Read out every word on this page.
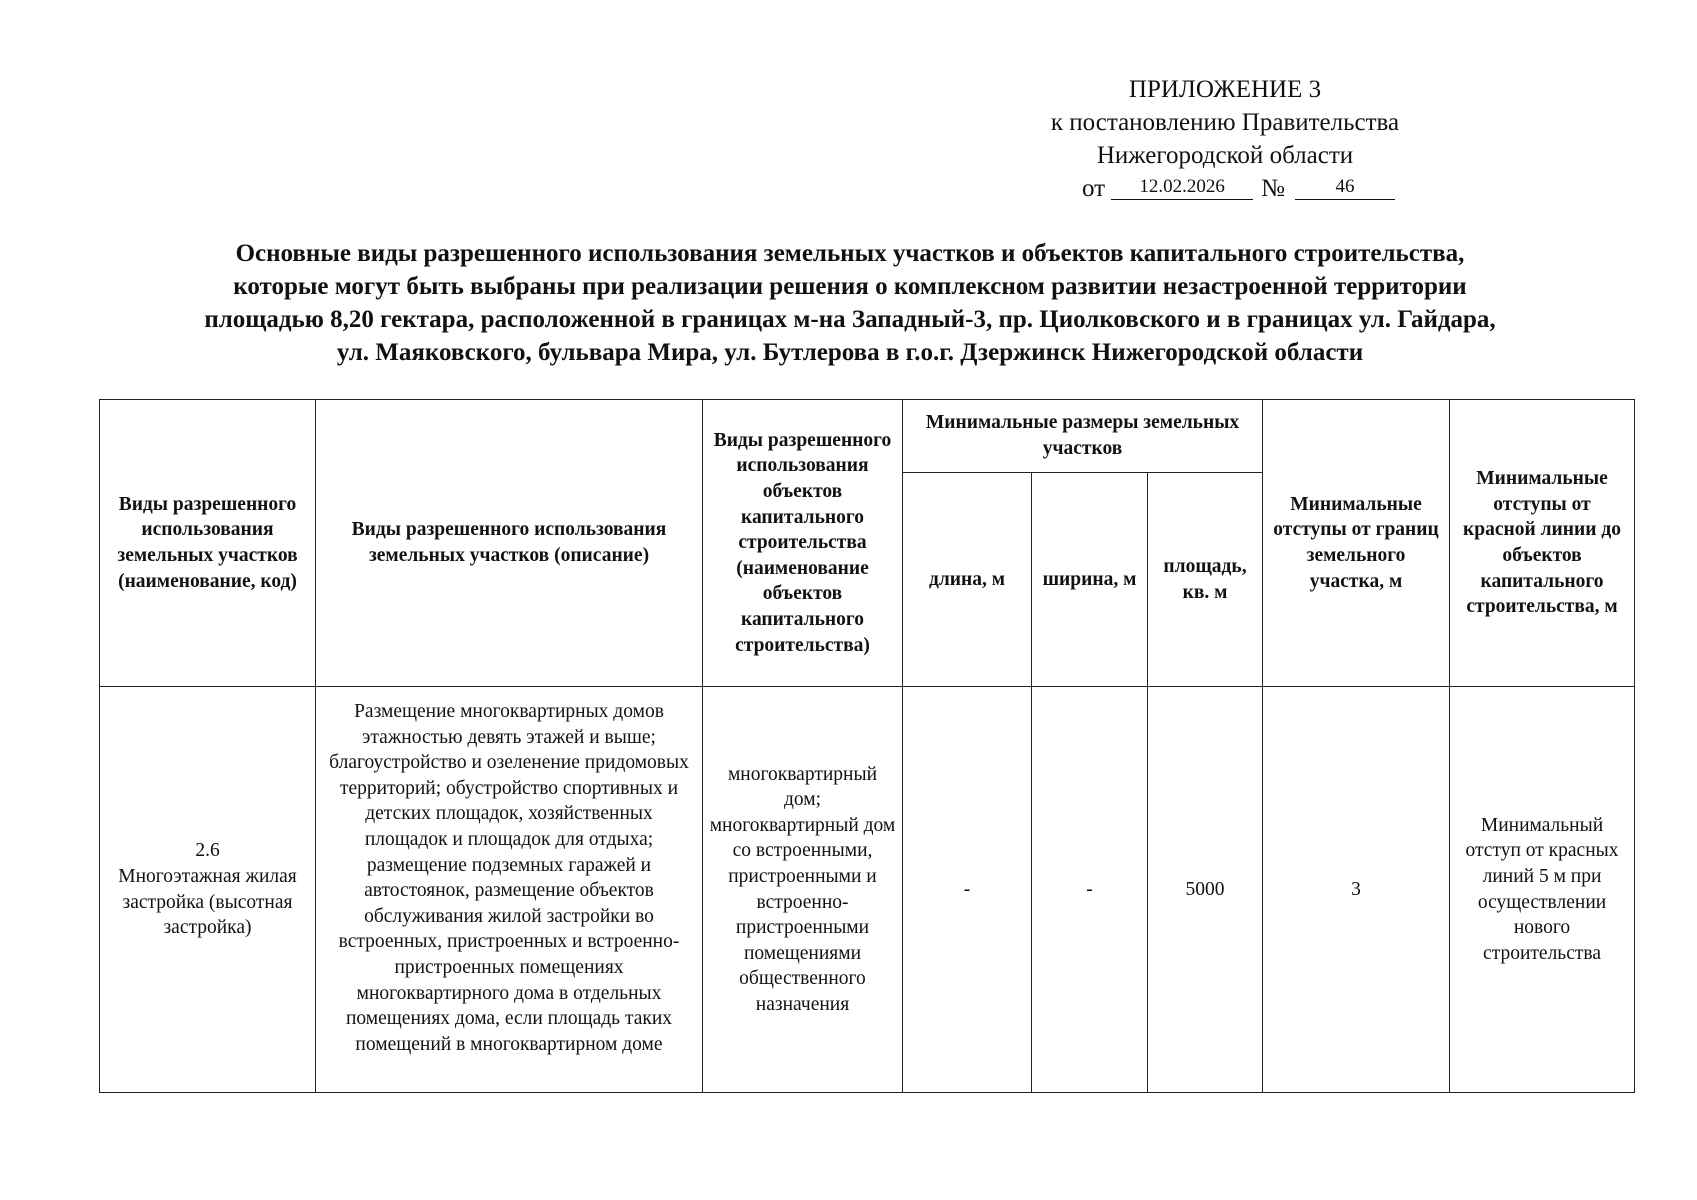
ПРИЛОЖЕНИЕ 3
к постановлению Правительства
Нижегородской области
от 12.02.2026 №	46
Основные виды разрешенного использования земельных участков и объектов капитального строительства,
которые могут быть выбраны при реализации решения о комплексном развитии незастроенной территории
площадью 8,20 гектара, расположенной в границах м-на Западный-3, пр. Циолковского и в границах ул. Гайдара,
ул. Маяковского, бульвара Мира, ул. Бутлерова в г.о.г. Дзержинск Нижегородской области
Виды разрешенного использования земельных участков (наименование, код)	Виды разрешенного использования земельных участков (описание)	Виды разрешенного использования объектов капитального строительства (наименование объектов капитального строительства)	Минимальные размеры земельных участков			Минимальные отступы от границ земельного участка, м	Минимальные отступы от красной линии до объектов капитального строительства, м

			длина, м	ширина, м	площадь, кв. м		

2.6
Многоэтажная жилая застройка (высотная застройка)	Размещение многоквартирных домов этажностью девять этажей и выше; благоустройство и озеленение придомовых территорий; обустройство спортивных и детских площадок, хозяйственных площадок и площадок для отдыха; размещение подземных гаражей и автостоянок, размещение объектов обслуживания жилой застройки во встроенных, пристроенных и встроенно-пристроенных помещениях многоквартирного дома в отдельных помещениях дома, если площадь таких помещений в многоквартирном доме	многоквартирный дом; многоквартирный дом со встроенными, пристроенными и встроенно-пристроенными помещениями общественного назначения	-	-	5000	3	Минимальный отступ от красных линий 5 м при осуществлении нового строительства
